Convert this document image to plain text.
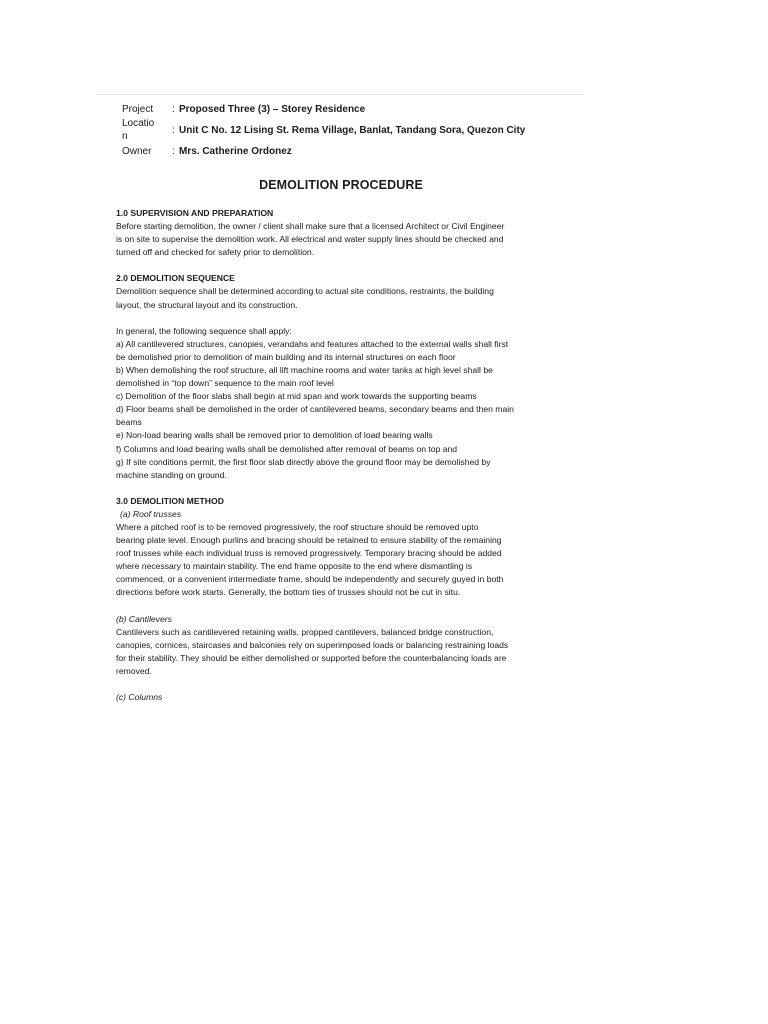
Project	: Proposed Three (3) – Storey Residence
Locatio
n
: Unit C No. 12 Lising St. Rema Village, Banlat, Tandang Sora, Quezon City
Owner	: Mrs. Catherine Ordonez
DEMOLITION PROCEDURE
1.0 SUPERVISION AND PREPARATION
Before starting demolition, the owner / client shall make sure that a licensed Architect or Civil Engineer
is on site to supervise the demolition work. All electrical and water supply lines should be checked and
turned off and checked for safety prior to demolition.
2.0 DEMOLITION SEQUENCE
Demolition sequence shall be determined according to actual site conditions, restraints, the building
layout, the structural layout and its construction.
In general, the following sequence shall apply:
a) All cantilevered structures, canopies, verandahs and features attached to the external walls shall first
be demolished prior to demolition of main building and its internal structures on each floor
b) When demolishing the roof structure, all lift machine rooms and water tanks at high level shall be
demolished in “top down” sequence to the main roof level
c) Demolition of the floor slabs shall begin at mid span and work towards the supporting beams
d) Floor beams shall be demolished in the order of cantilevered beams, secondary beams and then main
beams
e) Non-load bearing walls shall be removed prior to demolition of load bearing walls
f) Columns and load bearing walls shall be demolished after removal of beams on top and
g) If site conditions permit, the first floor slab directly above the ground floor may be demolished by
machine standing on ground.
3.0 DEMOLITION METHOD
(a) Roof trusses
Where a pitched roof is to be removed progressively, the roof structure should be removed upto
bearing plate level. Enough purlins and bracing should be retained to ensure stability of the remaining
roof trusses while each individual truss is removed progressively. Temporary bracing should be added
where necessary to maintain stability. The end frame opposite to the end where dismantling is
commenced, or a convenient intermediate frame, should be independently and securely guyed in both
directions before work starts. Generally, the bottom ties of trusses should not be cut in situ.
(b) Cantilevers
Cantilevers such as cantilevered retaining walls, propped cantilevers, balanced bridge construction,
canopies, cornices, staircases and balconies rely on superimposed loads or balancing restraining loads
for their stability. They should be either demolished or supported before the counterbalancing loads are
removed.
(c) Columns
